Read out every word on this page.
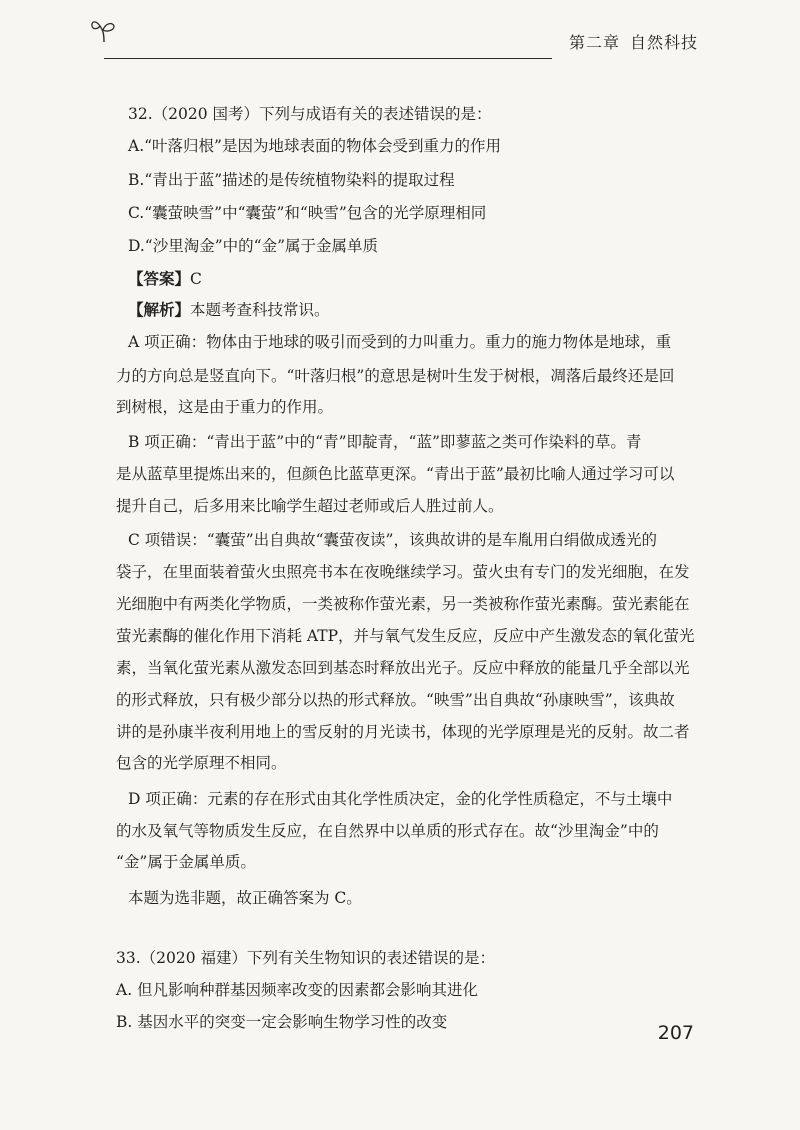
第二章 自然科技
32.（2020 国考）下列与成语有关的表述错误的是：
A.“叶落归根”是因为地球表面的物体会受到重力的作用
B.“青出于蓝”描述的是传统植物染料的提取过程
C.“囊萤映雪”中“囊萤”和“映雪”包含的光学原理相同
D.“沙里淘金”中的“金”属于金属单质
【答案】C
【解析】本题考查科技常识。
A 项正确：物体由于地球的吸引而受到的力叫重力。重力的施力物体是地球，重
力的方向总是竖直向下。“叶落归根”的意思是树叶生发于树根，凋落后最终还是回
到树根，这是由于重力的作用。
B 项正确：“青出于蓝”中的“青”即靛青，“蓝”即蓼蓝之类可作染料的草。青
是从蓝草里提炼出来的，但颜色比蓝草更深。“青出于蓝”最初比喻人通过学习可以
提升自己，后多用来比喻学生超过老师或后人胜过前人。
C 项错误：“囊萤”出自典故“囊萤夜读”，该典故讲的是车胤用白绢做成透光的
袋子，在里面装着萤火虫照亮书本在夜晚继续学习。萤火虫有专门的发光细胞，在发
光细胞中有两类化学物质，一类被称作萤光素，另一类被称作萤光素酶。萤光素能在
萤光素酶的催化作用下消耗 ATP，并与氧气发生反应，反应中产生激发态的氧化萤光
素，当氧化萤光素从激发态回到基态时释放出光子。反应中释放的能量几乎全部以光
的形式释放，只有极少部分以热的形式释放。“映雪”出自典故“孙康映雪”，该典故
讲的是孙康半夜利用地上的雪反射的月光读书，体现的光学原理是光的反射。故二者
包含的光学原理不相同。
D 项正确：元素的存在形式由其化学性质决定，金的化学性质稳定，不与土壤中
的水及氧气等物质发生反应，在自然界中以单质的形式存在。故“沙里淘金”中的
“金”属于金属单质。
本题为选非题，故正确答案为 C。
33.（2020 福建）下列有关生物知识的表述错误的是：
A. 但凡影响种群基因频率改变的因素都会影响其进化
B. 基因水平的突变一定会影响生物学习性的改变	207
